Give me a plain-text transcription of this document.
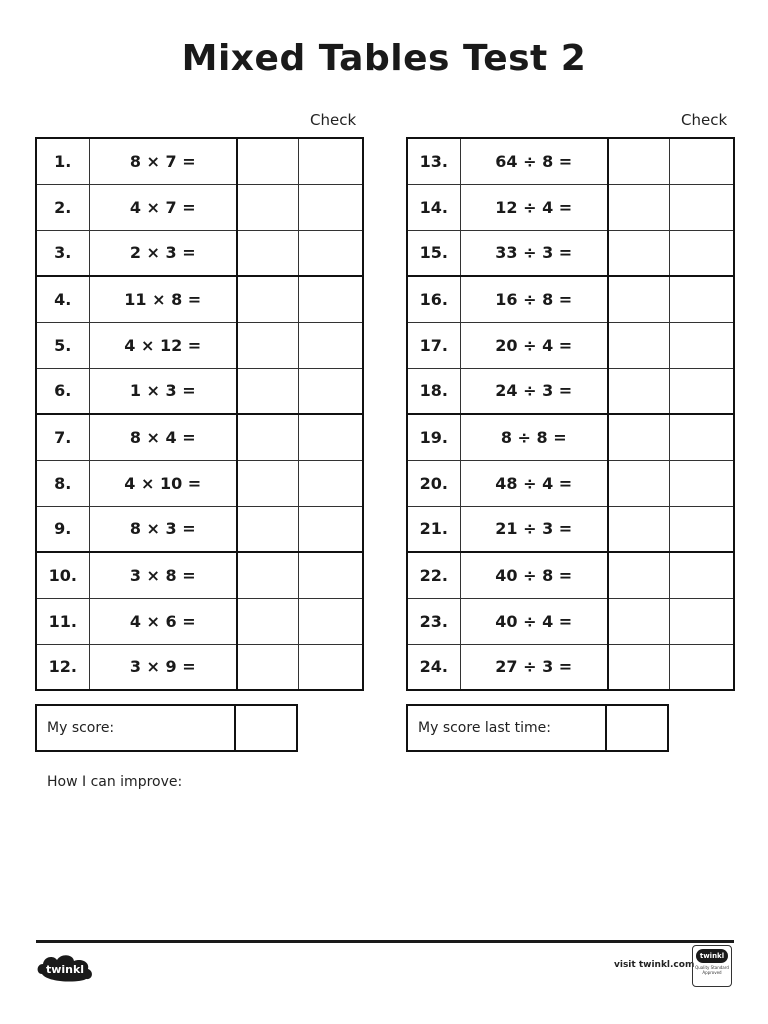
Mixed Tables Test 2
Check	Check
1.	8 × 7 =		
2.	4 × 7 =		
3.	2 × 3 =		
4.	11 × 8 =		
5.	4 × 12 =		
6.	1 × 3 =		
7.	8 × 4 =		
8.	4 × 10 =		
9.	8 × 3 =		
10.	3 × 8 =		
11.	4 × 6 =		
12.	3 × 9 =		
13.	64 ÷ 8 =		
14.	12 ÷ 4 =		
15.	33 ÷ 3 =		
16.	16 ÷ 8 =		
17.	20 ÷ 4 =		
18.	24 ÷ 3 =		
19.	8 ÷ 8 =		
20.	48 ÷ 4 =		
21.	21 ÷ 3 =		
22.	40 ÷ 8 =		
23.	40 ÷ 4 =		
24.	27 ÷ 3 =		
My score:	My score last time:
How I can improve:
twinkl	visit twinkl.com
twinkl
Quality Standard Approved
